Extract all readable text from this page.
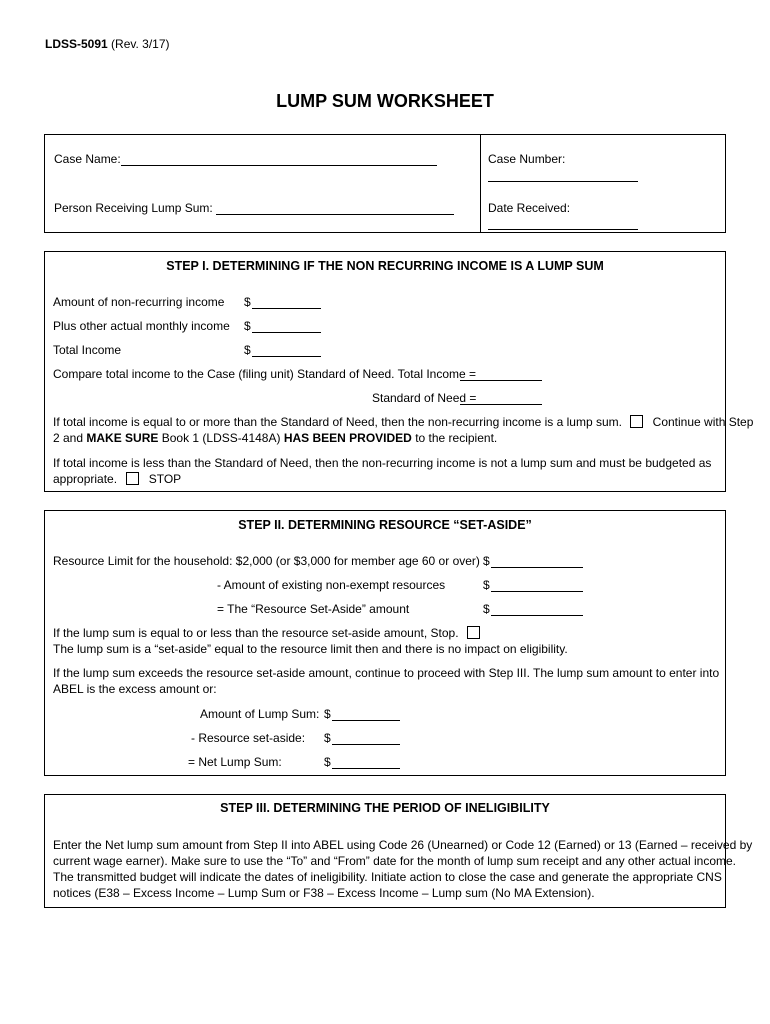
LDSS-5091 (Rev. 3/17)
LUMP SUM WORKSHEET
Case Name:	Case Number:
Person Receiving Lump Sum:	Date Received:
STEP I. DETERMINING IF THE NON RECURRING INCOME IS A LUMP SUM
Amount of non-recurring income $
Plus other actual monthly income $
Total Income	$
Compare total income to the Case (filing unit) Standard of Need. Total Income =
Standard of Need =
If total income is equal to or more than the Standard of Need, then the non-recurring income is a lump sum.	Continue with Step
2 and MAKE SURE Book 1 (LDSS-4148A) HAS BEEN PROVIDED to the recipient.
If total income is less than the Standard of Need, then the non-recurring income is not a lump sum and must be budgeted as
appropriate.	STOP
STEP II. DETERMINING RESOURCE “SET-ASIDE”
Resource Limit for the household: $2,000 (or $3,000 for member age 60 or over) $
- Amount of existing non-exempt resources	$
= The “Resource Set-Aside” amount	$
If the lump sum is equal to or less than the resource set-aside amount, Stop.
The lump sum is a “set-aside” equal to the resource limit then and there is no impact on eligibility.
If the lump sum exceeds the resource set-aside amount, continue to proceed with Step III. The lump sum amount to enter into
ABEL is the excess amount or:
Amount of Lump Sum: $
- Resource set-aside: $
= Net Lump Sum:	$
STEP III. DETERMINING THE PERIOD OF INELIGIBILITY
Enter the Net lump sum amount from Step II into ABEL using Code 26 (Unearned) or Code 12 (Earned) or 13 (Earned – received by
current wage earner). Make sure to use the “To” and “From” date for the month of lump sum receipt and any other actual income.
The transmitted budget will indicate the dates of ineligibility. Initiate action to close the case and generate the appropriate CNS
notices (E38 – Excess Income – Lump Sum or F38 – Excess Income – Lump sum (No MA Extension).
